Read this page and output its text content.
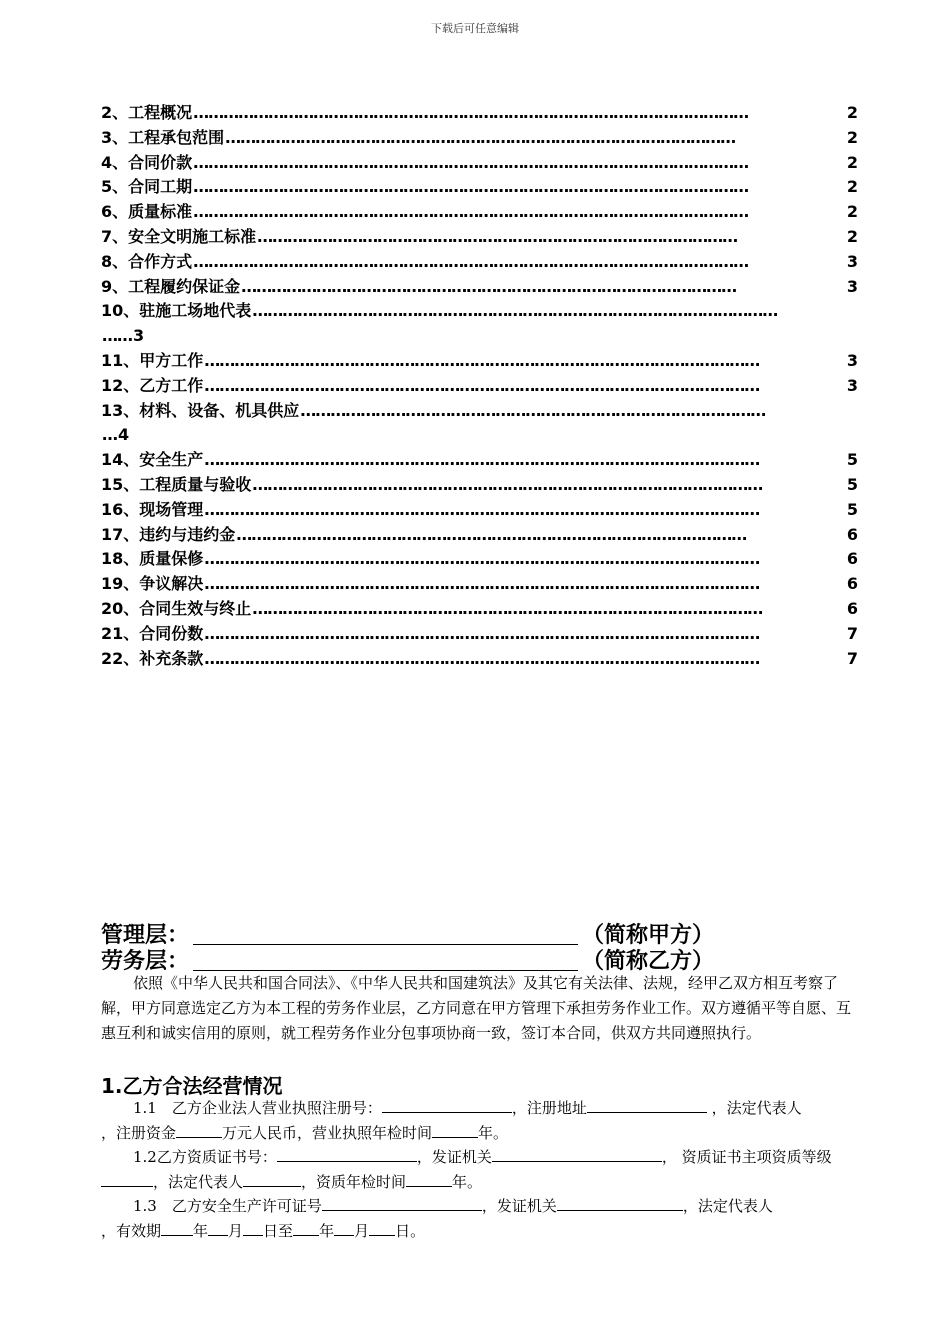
下载后可任意编辑
2、工程概况 …………………………………………………………………………………………………	2
3、工程承包范围 …………………………………………………………………………………………	2
4、合同价款 …………………………………………………………………………………………………	2
5、合同工期 …………………………………………………………………………………………………	2
6、质量标准 …………………………………………………………………………………………………	2
7、安全文明施工标准 ……………………………………………………………………………………	2
8、合作方式 …………………………………………………………………………………………………	3
9、工程履约保证金 ………………………………………………………………………………………	3
10、驻施工场地代表 ……………………………………………………………………………………………
…… 3
11、甲方工作 …………………………………………………………………………………………………	3
12、乙方工作 …………………………………………………………………………………………………	3
13、材料、设备、机具供应 …………………………………………………………………………………
… 4
14、安全生产 …………………………………………………………………………………………………	5
15、工程质量与验收 …………………………………………………………………………………………	5
16、现场管理 …………………………………………………………………………………………………	5
17、违约与违约金 …………………………………………………………………………………………	6
18、质量保修 …………………………………………………………………………………………………	6
19、争议解决 …………………………………………………………………………………………………	6
20、合同生效与终止 …………………………………………………………………………………………	6
21、合同份数 …………………………………………………………………………………………………	7
22、补充条款 …………………………………………………………………………………………………	7
管理层：	（简称甲方）
劳务层：	（简称乙方）
依照《中华人民共和国合同法》、《中华人民共和国建筑法》及其它有关法律、法规，经甲乙双方相互考察了解，甲方同意选定乙方为本工程的劳务作业层，乙方同意在甲方管理下承担劳务作业工作。双方遵循平等自愿、互惠互利和诚实信用的原则，就工程劳务作业分包事项协商一致，签订本合同，供双方共同遵照执行。
1.乙方合法经营情况
1.1　乙方企业法人营业执照注册号：	，注册地址	，法定代表人
，注册资金	万元人民币，营业执照年检时间	年。
1.2乙方资质证书号：	，发证机关	， 资质证书主项资质等级
，法定代表人	，资质年检时间	年。
1.3　乙方安全生产许可证号	，发证机关	，法定代表人
，有效期 年 月 日至 年 月 日。
